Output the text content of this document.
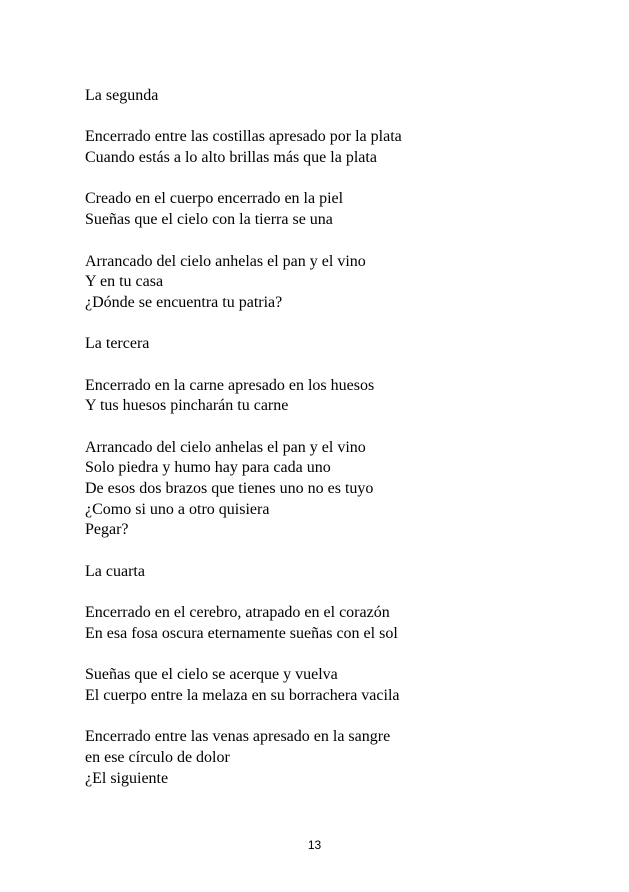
La segunda
Encerrado entre las costillas apresado por la plata
Cuando estás a lo alto brillas más que la plata
Creado en el cuerpo encerrado en la piel
Sueñas que el cielo con la tierra se una
Arrancado del cielo anhelas el pan y el vino
Y en tu casa
¿Dónde se encuentra tu patria?
La tercera
Encerrado en la carne apresado en los huesos
Y tus huesos pincharán tu carne
Arrancado del cielo anhelas el pan y el vino
Solo piedra y humo hay para cada uno
De esos dos brazos que tienes uno no es tuyo
¿Como si uno a otro quisiera
Pegar?
La cuarta
Encerrado en el cerebro, atrapado en el corazón
En esa fosa oscura eternamente sueñas con el sol
Sueñas que el cielo se acerque y vuelva
El cuerpo entre la melaza en su borrachera vacila
Encerrado entre las venas apresado en la sangre
en ese círculo de dolor
¿El siguiente
13
